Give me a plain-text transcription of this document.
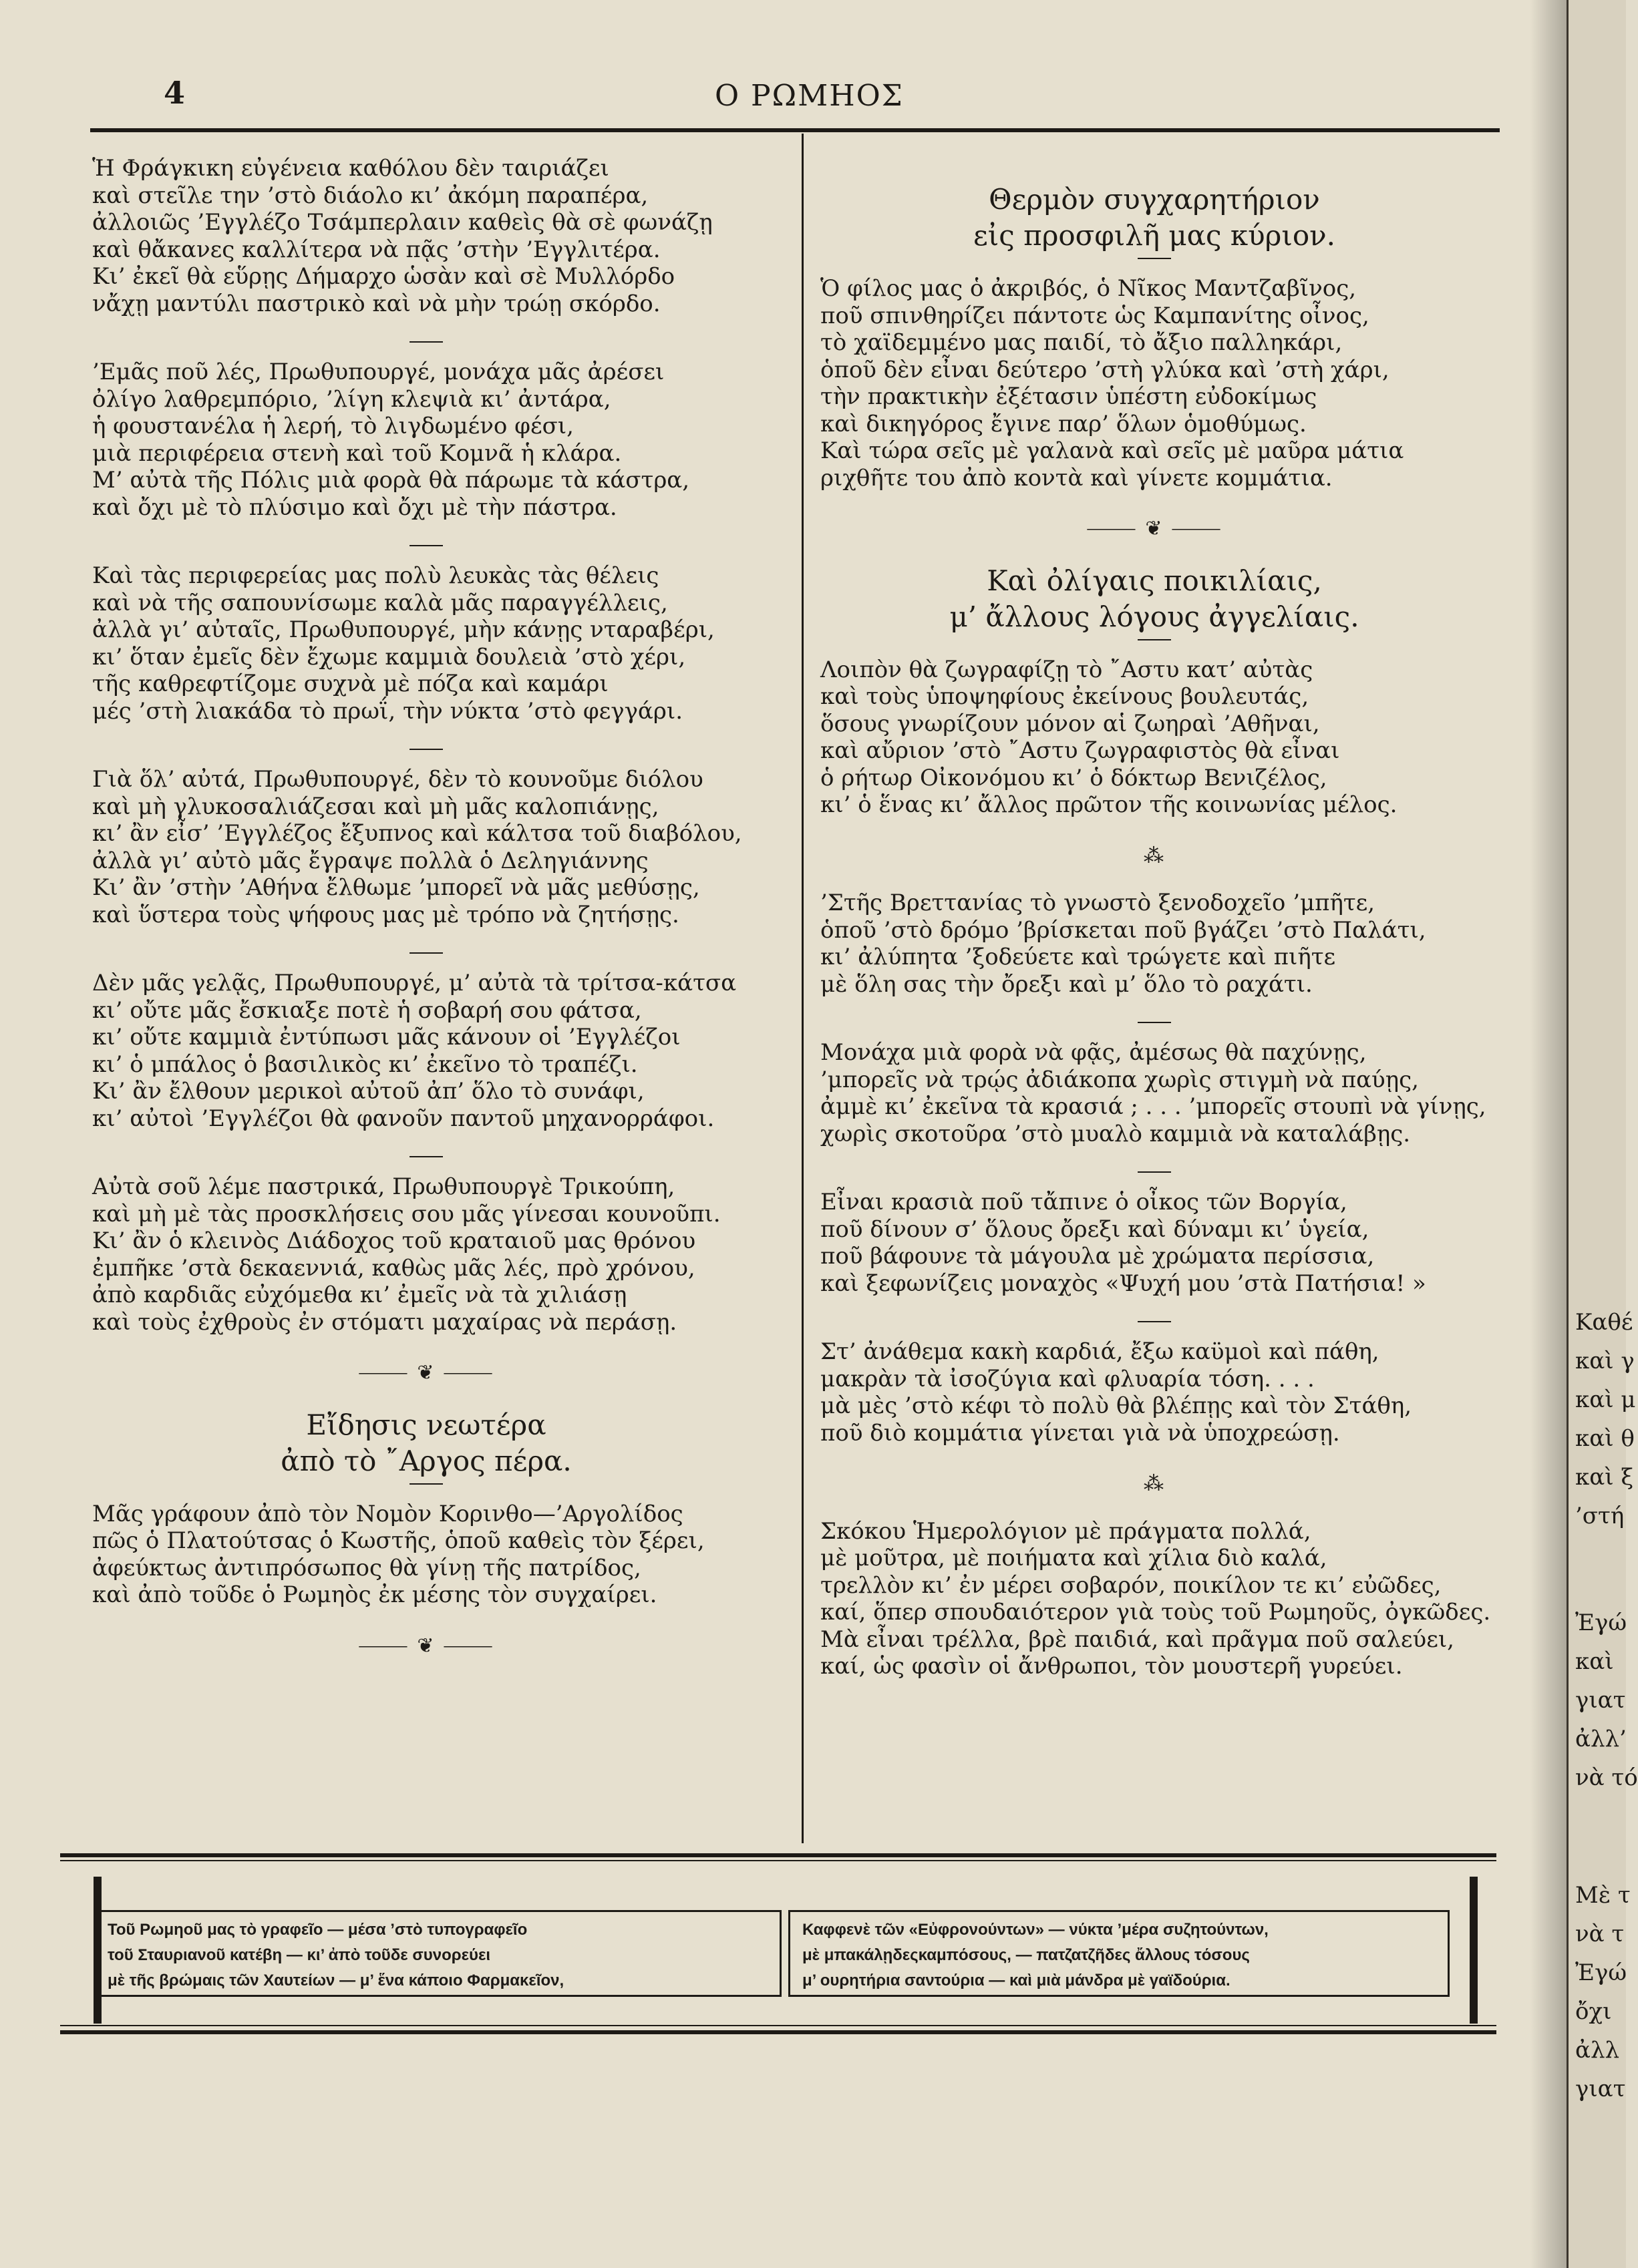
4	Ο ΡΩΜΗΟΣ
Ἡ Φράγκικη εὐγένεια καθόλου δὲν ταιριάζει
καὶ στεῖλε την ’στὸ διάολο κι’ ἀκόμη παραπέρα,
ἀλλοιῶς ’Εγγλέζο Τσάμπερλαιν καθεὶς θὰ σὲ φωνάζῃ
καὶ θἄκανες καλλίτερα νὰ πᾷς ’στὴν ’Εγγλιτέρα.
Κι’ ἐκεῖ θὰ εὕρῃς Δήμαρχο ὡσὰν καὶ σὲ Μυλλόρδο
νἄχῃ μαντύλι παστρικὸ καὶ νὰ μὴν τρώῃ σκόρδο.
’Εμᾶς ποῦ λές, Πρωθυπουργέ, μονάχα μᾶς ἀρέσει
ὀλίγο λαθρεμπόριο, ’λίγη κλεψιὰ κι’ ἀντάρα,
ἡ φουστανέλα ἡ λερή, τὸ λιγδωμένο φέσι,
μιὰ περιφέρεια στενὴ καὶ τοῦ Κομνᾶ ἡ κλάρα.
Μ’ αὐτὰ τῆς Πόλις μιὰ φορὰ θὰ πάρωμε τὰ κάστρα,
καὶ ὄχι μὲ τὸ πλύσιμο καὶ ὄχι μὲ τὴν πάστρα.
Καὶ τὰς περιφερείας μας πολὺ λευκὰς τὰς θέλεις
καὶ νὰ τῆς σαπουνίσωμε καλὰ μᾶς παραγγέλλεις,
ἀλλὰ γι’ αὐταῖς, Πρωθυπουργέ, μὴν κάνῃς νταραβέρι,
κι’ ὅταν ἐμεῖς δὲν ἔχωμε καμμιὰ δουλειὰ ’στὸ χέρι,
τῆς καθρεφτίζομε συχνὰ μὲ πόζα καὶ καμάρι
μές ’στὴ λιακάδα τὸ πρωΐ, τὴν νύκτα ’στὸ φεγγάρι.
Γιὰ ὅλ’ αὐτά, Πρωθυπουργέ, δὲν τὸ κουνοῦμε διόλου
καὶ μὴ γλυκοσαλιάζεσαι καὶ μὴ μᾶς καλοπιάνῃς,
κι’ ἂν εἶσ’ ’Εγγλέζος ἔξυπνος καὶ κάλτσα τοῦ διαβόλου,
ἀλλὰ γι’ αὐτὸ μᾶς ἔγραψε πολλὰ ὁ Δεληγιάννης
Κι’ ἂν ’στὴν ’Αθήνα ἔλθωμε ’μπορεῖ νὰ μᾶς μεθύσῃς,
καὶ ὕστερα τοὺς ψήφους μας μὲ τρόπο νὰ ζητήσῃς.
Δὲν μᾶς γελᾷς, Πρωθυπουργέ, μ’ αὐτὰ τὰ τρίτσα-κάτσα
κι’ οὔτε μᾶς ἔσκιαξε ποτὲ ἡ σοβαρή σου φάτσα,
κι’ οὔτε καμμιὰ ἐντύπωσι μᾶς κάνουν οἱ ’Εγγλέζοι
κι’ ὁ μπάλος ὁ βασιλικὸς κι’ ἐκεῖνο τὸ τραπέζι.
Κι’ ἂν ἔλθουν μερικοὶ αὐτοῦ ἀπ’ ὅλο τὸ συνάφι,
κι’ αὐτοὶ ’Εγγλέζοι θὰ φανοῦν παντοῦ μηχανορράφοι.
Αὐτὰ σοῦ λέμε παστρικά, Πρωθυπουργὲ Τρικούπη,
καὶ μὴ μὲ τὰς προσκλήσεις σου μᾶς γίνεσαι κουνοῦπι.
Κι’ ἂν ὁ κλεινὸς Διάδοχος τοῦ κραταιοῦ μας θρόνου
ἐμπῆκε ’στὰ δεκαεννιά, καθὼς μᾶς λές, πρὸ χρόνου,
ἀπὸ καρδιᾶς εὐχόμεθα κι’ ἐμεῖς νὰ τὰ χιλιάσῃ
καὶ τοὺς ἐχθροὺς ἐν στόματι μαχαίρας νὰ περάσῃ.
⸻ ❦ ⸻
Εἴδησις νεωτέρα
ἀπὸ τὸ ῎Αργος πέρα.
Μᾶς γράφουν ἀπὸ τὸν Νομὸν Κορινθο—’Αργολίδος
πῶς ὁ Πλατούτσας ὁ Κωστῆς, ὁποῦ καθεὶς τὸν ξέρει,
ἀφεύκτως ἀντιπρόσωπος θὰ γίνῃ τῆς πατρίδος,
καὶ ἀπὸ τοῦδε ὁ Ρωμηὸς ἐκ μέσης τὸν συγχαίρει.
⸻ ❦ ⸻
Θερμὸν συγχαρητήριον
εἰς προσφιλῆ μας κύριον.
Ὁ φίλος μας ὁ ἀκριβός, ὁ Νῖκος Μαντζαβῖνος,
ποῦ σπινθηρίζει πάντοτε ὡς Καμπανίτης οἶνος,
τὸ χαϊδεμμένο μας παιδί, τὸ ἄξιο παλληκάρι,
ὁποῦ δὲν εἶναι δεύτερο ’στὴ γλύκα καὶ ’στὴ χάρι,
τὴν πρακτικὴν ἐξέτασιν ὑπέστη εὐδοκίμως
καὶ δικηγόρος ἔγινε παρ’ ὅλων ὁμοθύμως.
Καὶ τώρα σεῖς μὲ γαλανὰ καὶ σεῖς μὲ μαῦρα μάτια
ριχθῆτε του ἀπὸ κοντὰ καὶ γίνετε κομμάτια.
⸻ ❦ ⸻
Καὶ ὀλίγαις ποικιλίαις,
μ’ ἄλλους λόγους ἀγγελίαις.
Λοιπὸν θὰ ζωγραφίζῃ τὸ ῎Αστυ κατ’ αὐτὰς
καὶ τοὺς ὑποψηφίους ἐκείνους βουλευτάς,
ὅσους γνωρίζουν μόνον αἱ ζωηραὶ ’Αθῆναι,
καὶ αὔριον ’στὸ ῎Αστυ ζωγραφιστὸς θὰ εἶναι
ὁ ρήτωρ Οἰκονόμου κι’ ὁ δόκτωρ Βενιζέλος,
κι’ ὁ ἕνας κι’ ἄλλος πρῶτον τῆς κοινωνίας μέλος.
⁂
’Στῆς Βρεττανίας τὸ γνωστὸ ξενοδοχεῖο ’μπῆτε,
ὁποῦ ’στὸ δρόμο ’βρίσκεται ποῦ βγάζει ’στὸ Παλάτι,
κι’ ἀλύπητα ’ξοδεύετε καὶ τρώγετε καὶ πιῆτε
μὲ ὅλη σας τὴν ὄρεξι καὶ μ’ ὅλο τὸ ραχάτι.
Μονάχα μιὰ φορὰ νὰ φᾷς, ἀμέσως θὰ παχύνῃς,
’μπορεῖς νὰ τρῴς ἀδιάκοπα χωρὶς στιγμὴ νὰ παύῃς,
ἀμμὲ κι’ ἐκεῖνα τὰ κρασιά ; . . . ’μπορεῖς στουπὶ νὰ γίνῃς,
χωρὶς σκοτοῦρα ’στὸ μυαλὸ καμμιὰ νὰ καταλάβῃς.
Εἶναι κρασιὰ ποῦ τἄπινε ὁ οἶκος τῶν Βοργία,
ποῦ δίνουν σ’ ὅλους ὄρεξι καὶ δύναμι κι’ ὑγεία,
ποῦ βάφουνε τὰ μάγουλα μὲ χρώματα περίσσια,
καὶ ξεφωνίζεις μοναχὸς «Ψυχή μου ’στὰ Πατήσια! »
Στ’ ἀνάθεμα κακὴ καρδιά, ἔξω καϋμοὶ καὶ πάθη,
μακρὰν τὰ ἰσοζύγια καὶ φλυαρία τόση. . . .
μὰ μὲς ’στὸ κέφι τὸ πολὺ θὰ βλέπῃς καὶ τὸν Στάθη,
ποῦ διὸ κομμάτια γίνεται γιὰ νὰ ὑποχρεώσῃ.
⁂
Σκόκου Ἡμερολόγιον μὲ πράγματα πολλά,
μὲ μοῦτρα, μὲ ποιήματα καὶ χίλια διὸ καλά,
τρελλὸν κι’ ἐν μέρει σοβαρόν, ποικίλον τε κι’ εὐῶδες,
καί, ὅπερ σπουδαιότερον γιὰ τοὺς τοῦ Ρωμηοῦς, ὀγκῶδες.
Μὰ εἶναι τρέλλα, βρὲ παιδιά, καὶ πρᾶγμα ποῦ σαλεύει,
καί, ὡς φασὶν οἱ ἄνθρωποι, τὸν μουστερῆ γυρεύει.
Τοῦ Ρωμηοῦ μας τὸ γραφεῖο — μέσα ’στὸ τυπογραφεῖο
τοῦ Σταυριανοῦ κατέβη — κι’ ἀπὸ τοῦδε συνορεύει
μὲ τῆς βρώμαις τῶν Χαυτείων — μ’ ἕνα κάποιο Φαρμακεῖον,
Καφφενὲ τῶν «Εὐφρονούντων» — νύκτα ’μέρα συζητούντων,
μὲ μπακάλῃδεςκαμπόσους, — πατζατζῆδες ἄλλους τόσους
μ’ ουρητήρια σαντούρια — καὶ μιὰ μάνδρα μὲ γαϊδούρια.
Καθέ
καὶ γ
καὶ μ
καὶ θ
καὶ ξ
’στή
Ἐγώ
καὶ
γιατ
ἀλλ’
νὰ τό
Μὲ τ
νὰ τ
Ἐγώ
ὄχι
ἀλλ
γιατ
